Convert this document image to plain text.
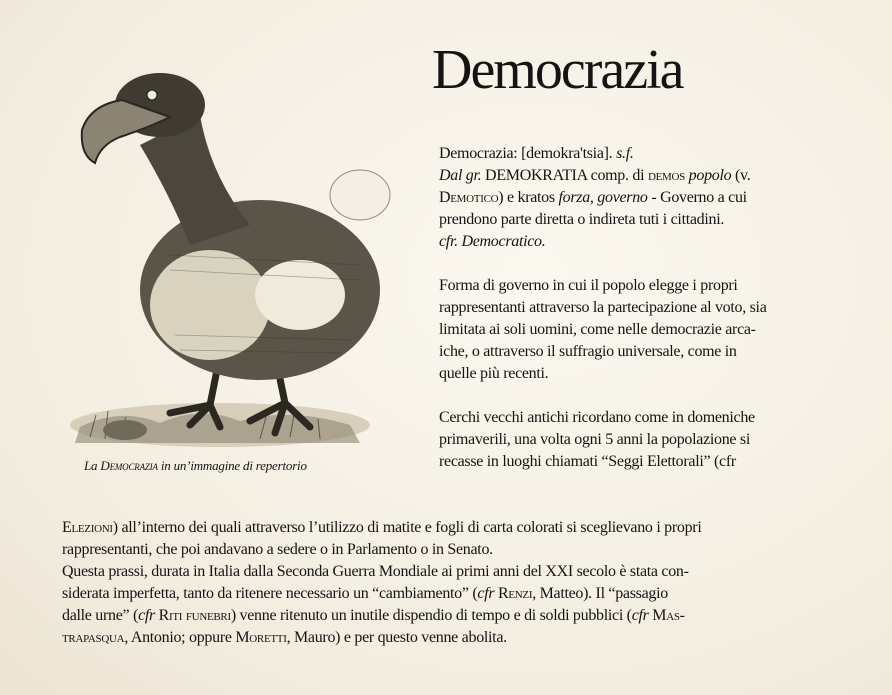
La Democrazia in un’immagine di repertorio
Democrazia

Democrazia: [demokra'tsia]. s.f.

Dal gr. DEMOKRATIA comp. di demos popolo (v.

Demotico) e kratos forza, governo - Governo a cui

prendono parte diretta o indireta tuti i cittadini.

cfr. Democratico.

Forma di governo in cui il popolo elegge i propri

rappresentanti attraverso la partecipazione al voto, sia

limitata ai soli uomini, come nelle democrazie arca-

iche, o attraverso il suffragio universale, come in

quelle più recenti.

Cerchi vecchi antichi ricordano come in domeniche

primaverili, una volta ogni 5 anni la popolazione si

recasse in luoghi chiamati “Seggi Elettorali” (cfr

Elezioni) all’interno dei quali attraverso l’utilizzo di matite e fogli di carta colorati si sceglievano i propri

rappresentanti, che poi andavano a sedere o in Parlamento o in Senato.

Questa prassi, durata in Italia dalla Seconda Guerra Mondiale ai primi anni del XXI secolo è stata con-

siderata imperfetta, tanto da ritenere necessario un “cambiamento” (cfr Renzi, Matteo). Il “passagio

dalle urne” (cfr Riti funebri) venne ritenuto un inutile dispendio di tempo e di soldi pubblici (cfr Mas-

trapasqua, Antonio; oppure Moretti, Mauro) e per questo venne abolita.
